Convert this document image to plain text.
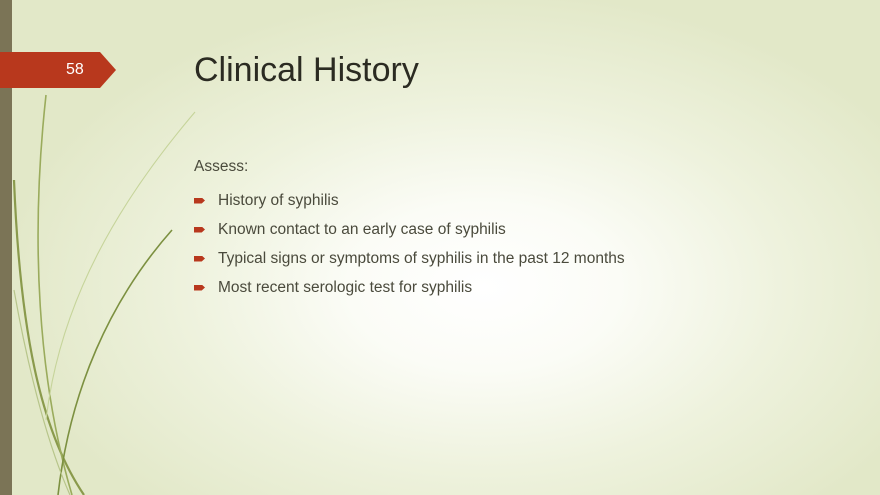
58	Clinical History

Assess:

History of syphilis
Known contact to an early case of syphilis
Typical signs or symptoms of syphilis in the past 12 months
Most recent serologic test for syphilis
